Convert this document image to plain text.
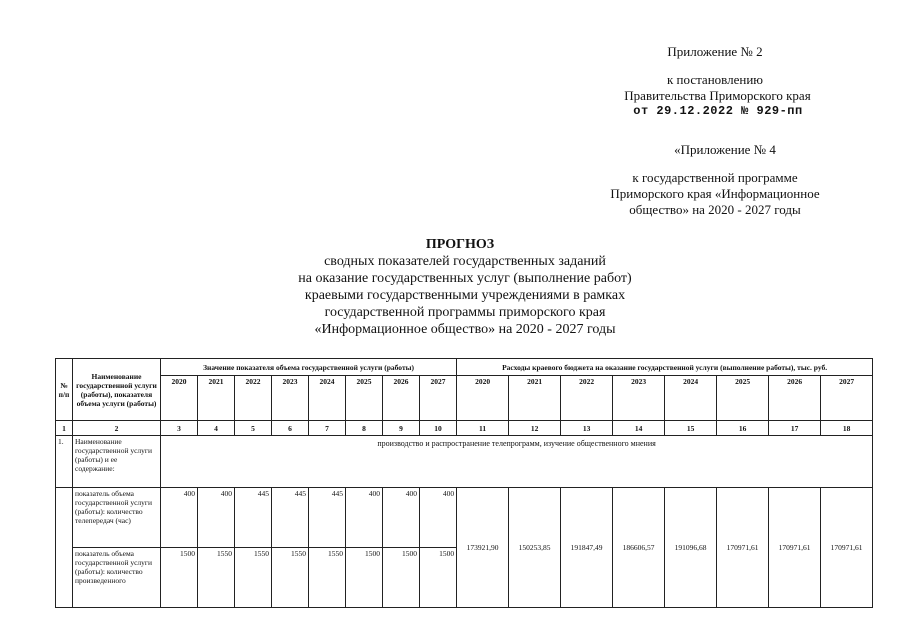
Приложение № 2
к постановлению
Правительства Приморского края
от 29.12.2022 № 929-пп
«Приложение № 4
к государственной программе
Приморского края «Информационное
общество» на 2020 - 2027 годы
ПРОГНОЗ
сводных показателей государственных заданий
на оказание государственных услуг (выполнение работ)
краевыми государственными учреждениями в рамках
государственной программы приморского края
«Информационное общество» на 2020 - 2027 годы
№ п/п	Наименование государственной услуги (работы), показателя объема услуги (работы)	Значение показателя объема государственной услуги (работы)								Расходы краевого бюджета на оказание государственной услуги (выполнение работы), тыс. руб.							
		2020	2021	2022	2023	2024	2025	2026	2027	2020	2021	2022	2023	2024	2025	2026	2027
1	2	3	4	5	6	7	8	9	10	11	12	13	14	15	16	17	18
1.	Наименование государственной услуги (работы) и ее содержание:	производство и распространение телепрограмм, изучение общественного мнения															
	показатель объема государственной услуги (работы): количество телепередач (час)	400	400	445	445	445	400	400	400	173921,90	150253,85	191847,49	186606,57	191096,68	170971,61	170971,61	170971,61
	показатель объема государственной услуги (работы): количество произведенного	1500	1550	1550	1550	1550	1500	1500	1500								
